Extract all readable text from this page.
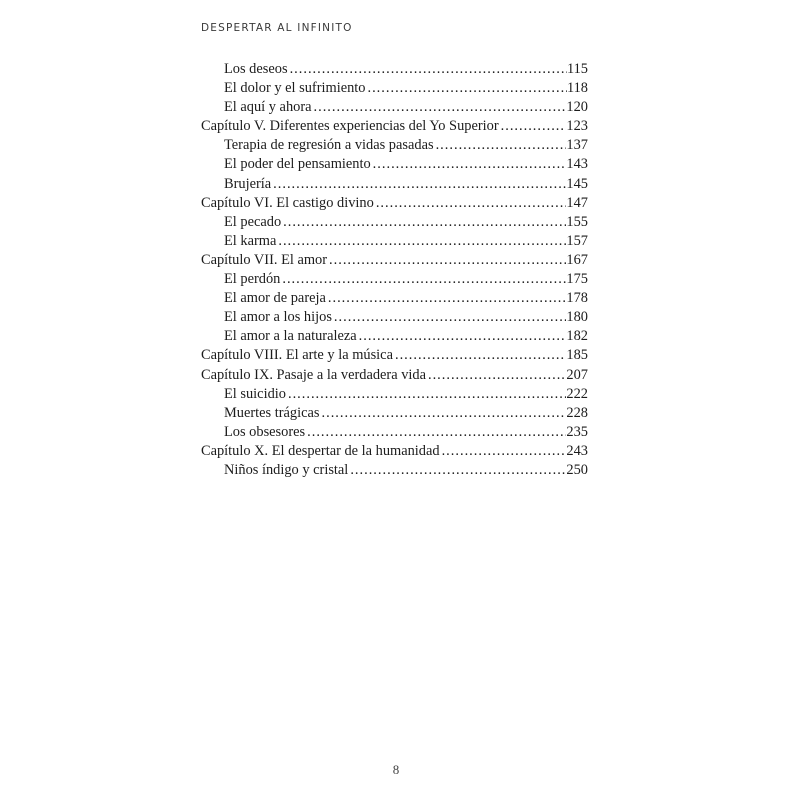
DESPERTAR AL INFINITO
Los deseos .....	115
El dolor y el sufrimiento .....	118
El aquí y ahora .....	120
Capítulo V. Diferentes experiencias del Yo Superior .....	123
Terapia de regresión a vidas pasadas .....	137
El poder del pensamiento .....	143
Brujería .....	145
Capítulo VI. El castigo divino .....	147
El pecado .....	155
El karma .....	157
Capítulo VII. El amor .....	167
El perdón .....	175
El amor de pareja .....	178
El amor a los hijos .....	180
El amor a la naturaleza .....	182
Capítulo VIII. El arte y la música .....	185
Capítulo IX. Pasaje a la verdadera vida .....	207
El suicidio .....	222
Muertes trágicas .....	228
Los obsesores .....	235
Capítulo X. El despertar de la humanidad .....	243
Niños índigo y cristal .....	250
8
